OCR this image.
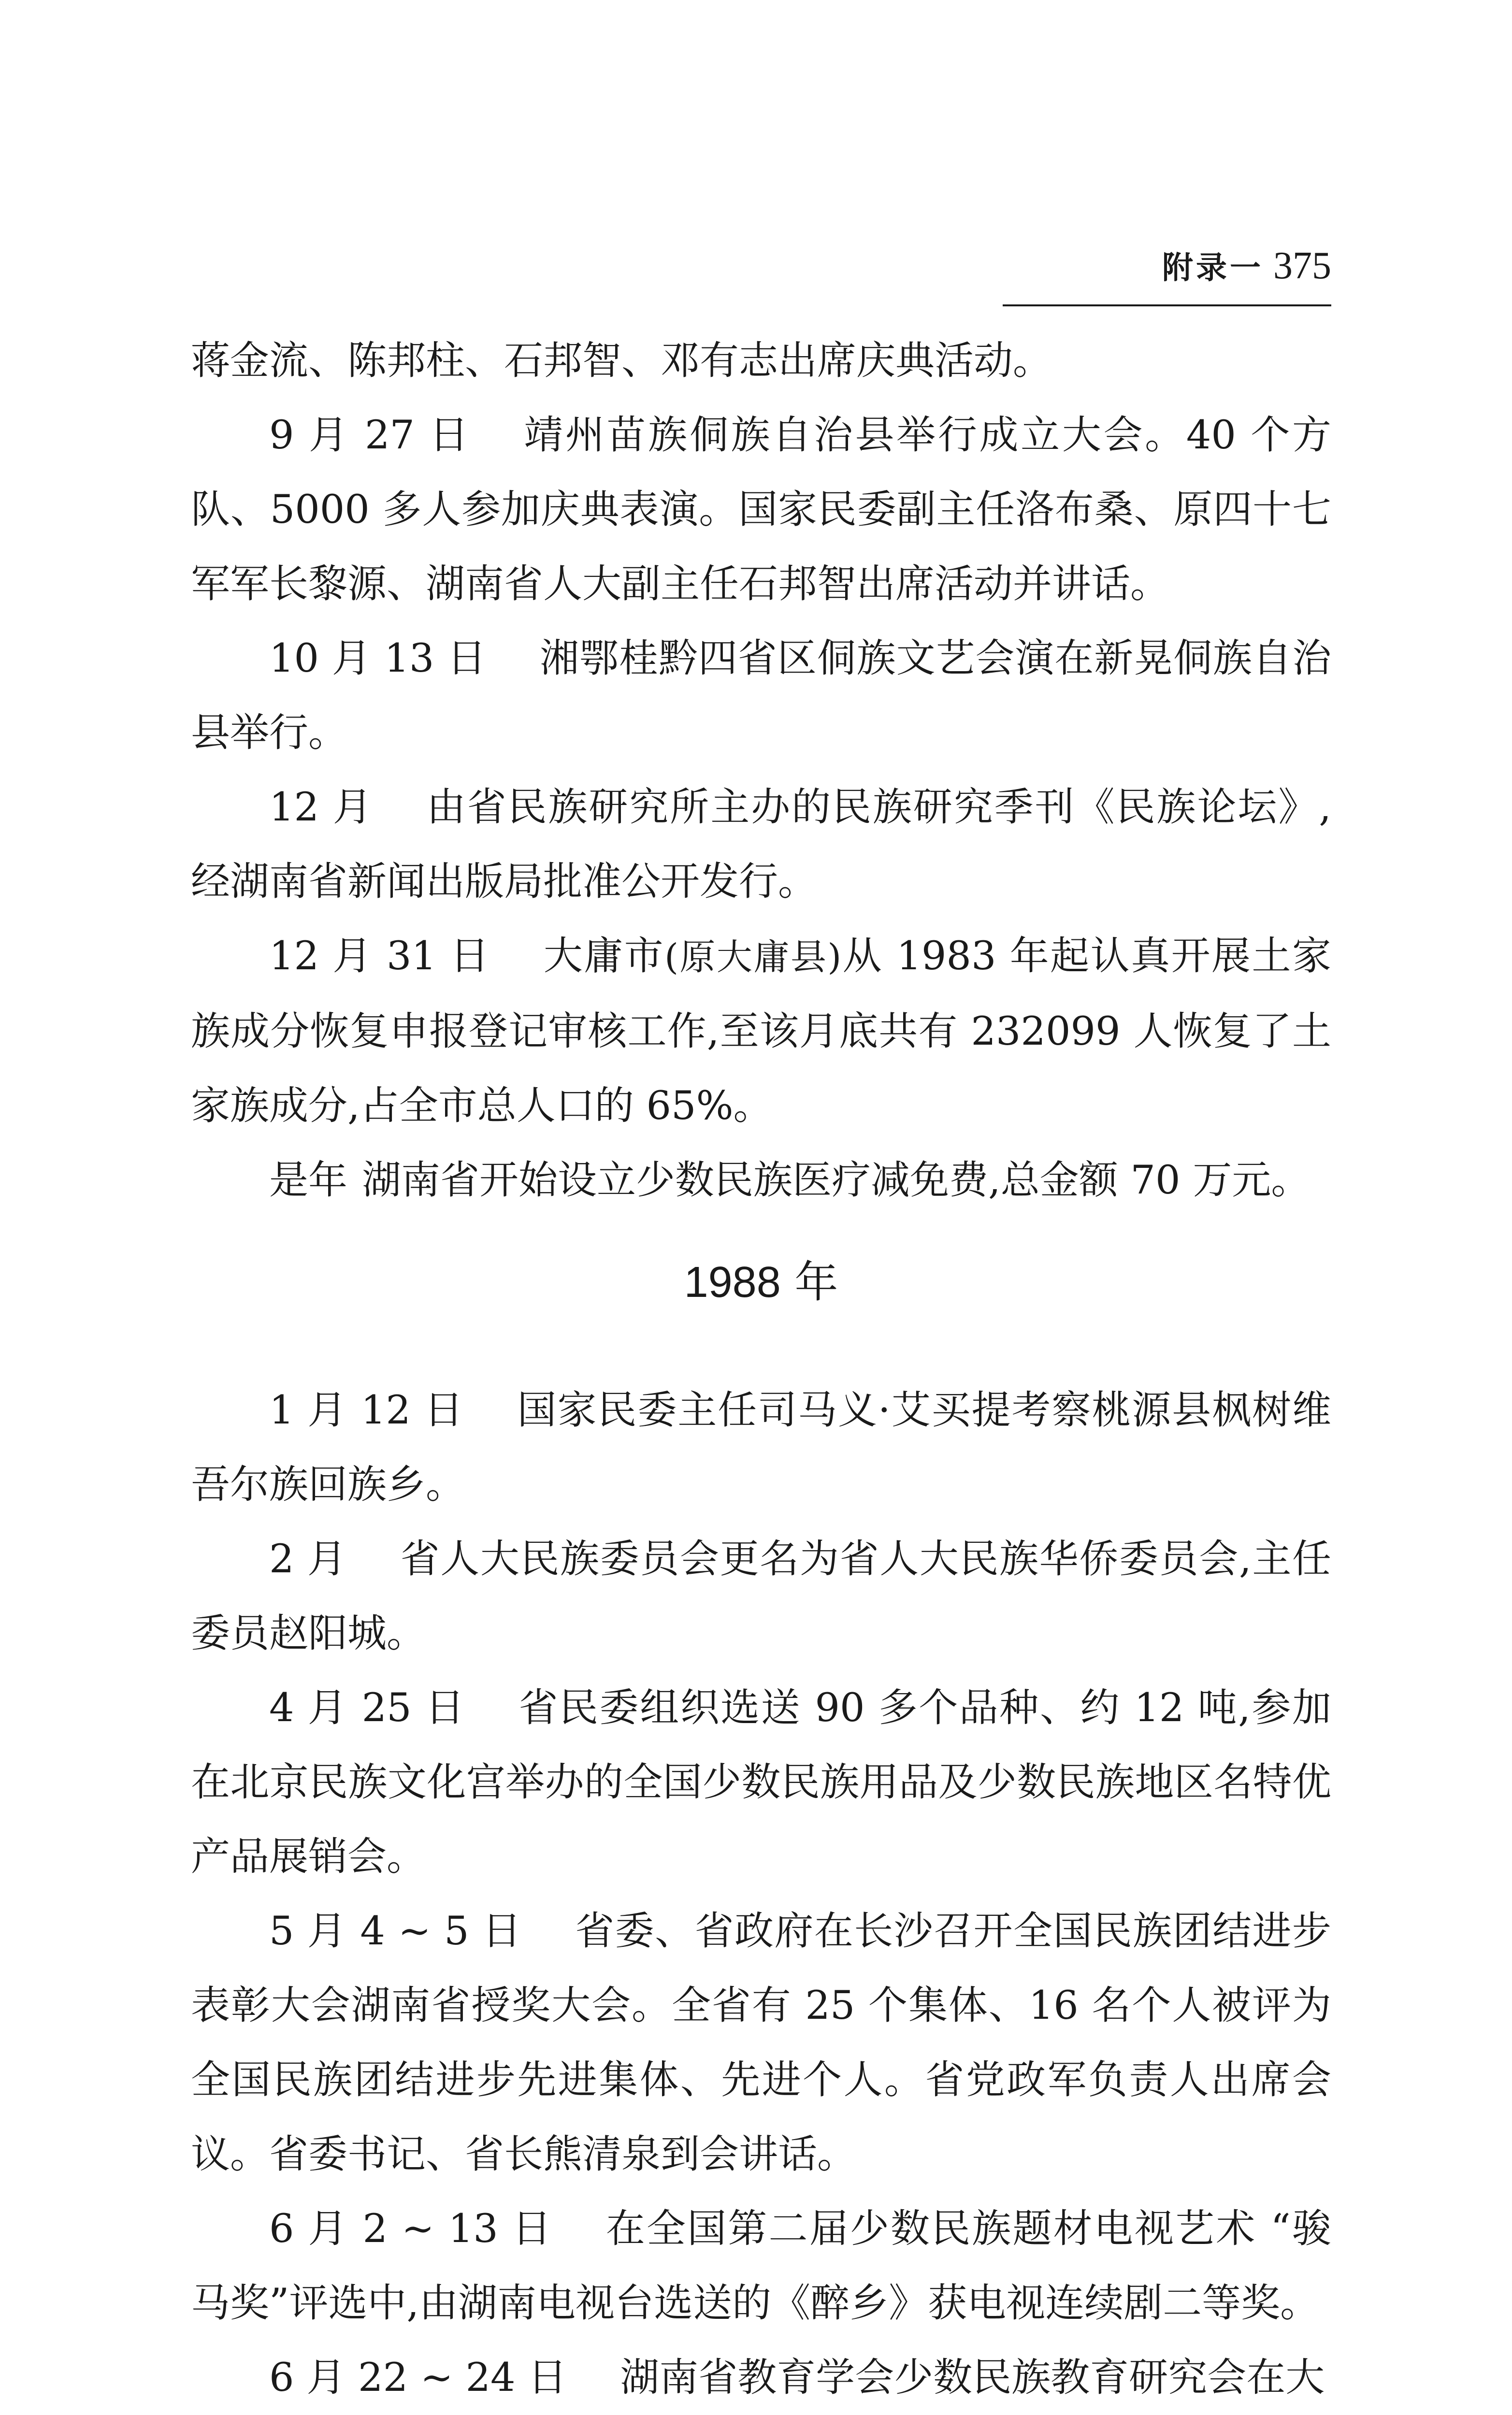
附录一 375

蒋金流、陈邦柱、石邦智、邓有志出席庆典活动。

9 月 27 日 靖州苗族侗族自治县举行成立大会。40 个方队、5000 多人参加庆典表演。国家民委副主任洛布桑、原四十七军军长黎源、湖南省人大副主任石邦智出席活动并讲话。

10 月 13 日 湘鄂桂黔四省区侗族文艺会演在新晃侗族自治县举行。

12 月 由省民族研究所主办的民族研究季刊《民族论坛》,经湖南省新闻出版局批准公开发行。

12 月 31 日 大庸市(原大庸县)从 1983 年起认真开展土家族成分恢复申报登记审核工作,至该月底共有 232099 人恢复了土家族成分,占全市总人口的 65%。

是年 湖南省开始设立少数民族医疗减免费,总金额 70 万元。

1988 年

1 月 12 日 国家民委主任司马义·艾买提考察桃源县枫树维吾尔族回族乡。

2 月 省人大民族委员会更名为省人大民族华侨委员会,主任委员赵阳城。

4 月 25 日 省民委组织选送 90 多个品种、约 12 吨,参加在北京民族文化宫举办的全国少数民族用品及少数民族地区名特优产品展销会。

5 月 4 ~ 5 日 省委、省政府在长沙召开全国民族团结进步表彰大会湖南省授奖大会。全省有 25 个集体、16 名个人被评为全国民族团结进步先进集体、先进个人。省党政军负责人出席会议。省委书记、省长熊清泉到会讲话。

6 月 2 ~ 13 日 在全国第二届少数民族题材电视艺术 “骏马奖”评选中,由湖南电视台选送的《醉乡》获电视连续剧二等奖。

6 月 22 ~ 24 日 湖南省教育学会少数民族教育研究会在大
